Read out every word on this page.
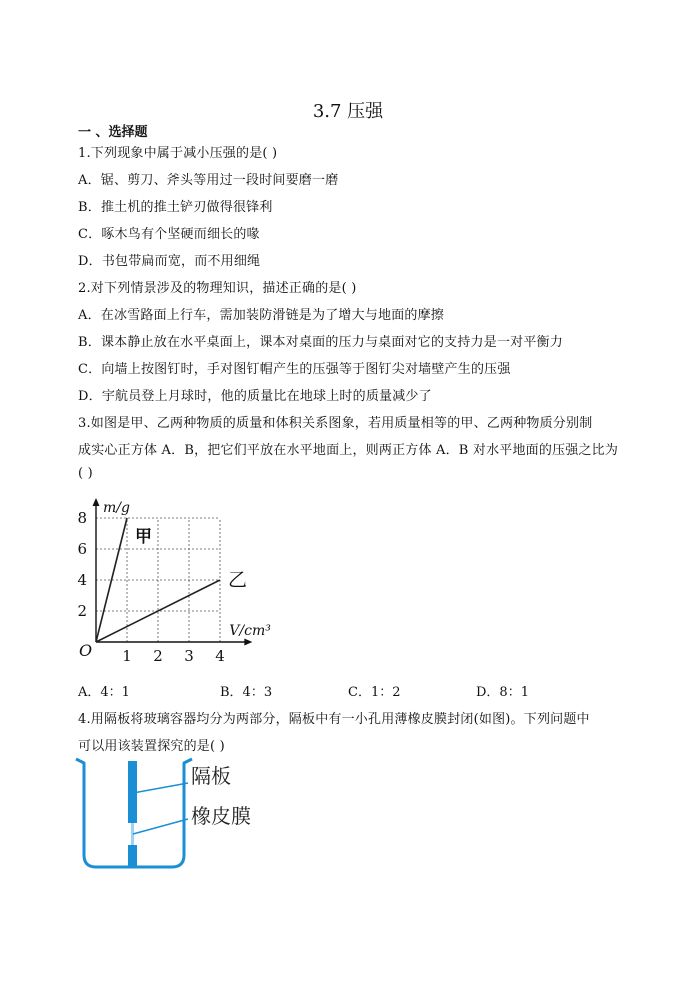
3.7 压强
一 、选择题
1.下列现象中属于减小压强的是( )
A．锯、剪刀、斧头等用过一段时间要磨一磨
B．推土机的推土铲刃做得很锋利
C．啄木鸟有个坚硬而细长的喙
D．书包带扁而宽，而不用细绳
2.对下列情景涉及的物理知识，描述正确的是( )
A．在冰雪路面上行车，需加装防滑链是为了增大与地面的摩擦
B．课本静止放在水平桌面上，课本对桌面的压力与桌面对它的支持力是一对平衡力
C．向墙上按图钉时，手对图钉帽产生的压强等于图钉尖对墙壁产生的压强
D．宇航员登上月球时，他的质量比在地球上时的质量减少了
3.如图是甲、乙两种物质的质量和体积关系图象，若用质量相等的甲、乙两种物质分别制
成实心正方体 A．B，把它们平放在水平地面上，则两正方体 A．B 对水平地面的压强之比为
( )
1 2 3 4
2
4
6
8
O
m/g
V/cm³
甲
乙
A．4：1	B．4：3	C．1：2	D．8：1
4.用隔板将玻璃容器均分为两部分，隔板中有一小孔用薄橡皮膜封闭(如图)。下列问题中
可以用该装置探究的是( )
隔板
橡皮膜
